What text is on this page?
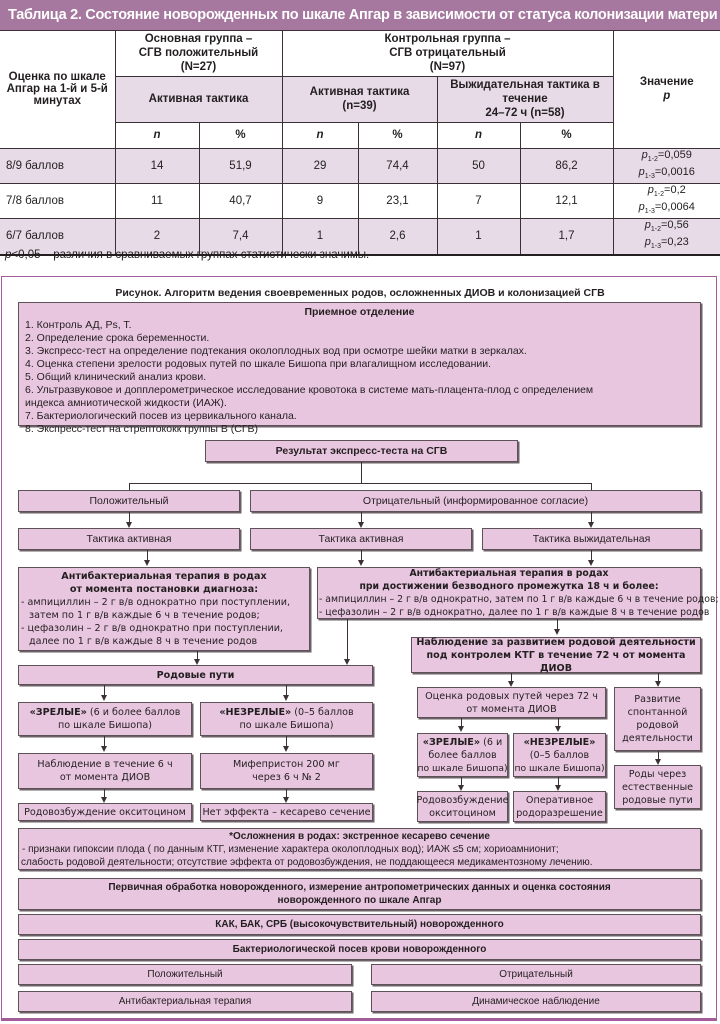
Таблица 2. Состояние новорожденных по шкале Апгар в зависимости от статуса колонизации матери
Оценка по шкале Апгар на 1-й и 5-й минутах	
Основная группа –
СГВ положительный
(N=27)

Контрольная группа –
СГВ отрицательный
(N=97)

Значение
p

Активная тактика	
Активная тактика
(n=39)

Выжидательная тактика в течение
24–72 ч (n=58)

	n	%	n	%	n	%	
8/9 баллов	14	51,9	29	74,4	50	86,2	$p_{1-2}=0,059$
$p_{1-3}=0,0016$

7/8 баллов	11	40,7	9	23,1	7	12,1	$p_{1-2}=0,2$
$p_{1-3}=0,0064$

6/7 баллов	2	7,4	1	2,6	1	1,7	$p_{1-2}=0,56$
$p_{1-3}=0,23$
p<0,05 – различия в сравниваемых группах статистически значимы.
Рисунок. Алгоритм ведения своевременных родов, осложненных ДИОВ и колонизацией СГВ
Приемное отделение
1. Контроль АД, Ps, T.
2. Определение срока беременности.
3. Экспресс-тест на определение подтекания околоплодных вод при осмотре шейки матки в зеркалах.
4. Оценка степени зрелости родовых путей по шкале Бишопа при влагалищном исследовании.
5. Общий клинический анализ крови.
6. Ультразвуковое и допплерометрическое исследование кровотока в системе мать-плацента-плод с определением индекса амниотической жидкости (ИАЖ).
7. Бактериологический посев из цервикального канала.
8. Экспресс-тест на стрептококк группы В (СГВ)
Результат экспресс-теста на СГВ
Положительный	Отрицательный (информированное согласие)
Тактика активная	Тактика активная	Тактика выжидательная
Антибактериальная терапия в родах
от момента постановки диагноза:
- ампициллин – 2 г в/в однократно при поступлении,
затем по 1 г в/в каждые 6 ч в течение родов;
- цефазолин – 2 г в/в однократно при поступлении,
далее по 1 г в/в каждые 8 ч в течение родов
Антибактериальная терапия в родах
при достижении безводного промежутка 18 ч и более:
- ампициллин – 2 г в/в однократно, затем по 1 г в/в каждые 6 ч в течение родов;
- цефазолин – 2 г в/в однократно, далее по 1 г в/в каждые 8 ч в течение родов
Наблюдение за развитием родовой деятельности
под контролем КТГ в течение 72 ч от момента ДИОВ
Родовые пути
«ЗРЕЛЫЕ» (6 и более баллов
по шкале Бишопа)
«НЕЗРЕЛЫЕ» (0–5 баллов
по шкале Бишопа)
Наблюдение в течение 6 ч
от момента ДИОВ
Мифепристон 200 мг
через 6 ч № 2
Родовозбуждение окситоцином	Нет эффекта – кесарево сечение
Оценка родовых путей через 72 ч
от момента ДИОВ
Развитие
спонтанной
родовой
деятельности
«ЗРЕЛЫЕ» (6 и
более баллов
по шкале Бишопа)
«НЕЗРЕЛЫЕ»
(0–5 баллов
по шкале Бишопа)
Роды через
естественные
родовые пути
Родовозбуждение
окситоцином
Оперативное
родоразрешение
*Осложнения в родах: экстренное кесарево сечение
- признаки гипоксии плода ( по данным КТГ, изменение характера околоплодных вод); ИАЖ ≤5 см; хориоамнионит;
слабость родовой деятельности; отсутствие эффекта от родовозбуждения, не поддающееся медикаментозному лечению.
Первичная обработка новорожденного, измерение антропометрических данных и оценка состояния
новорожденного по шкале Апгар
КАК, БАК, СРБ (высокочувствительный) новорожденного
Бактериологической посев крови новорожденного
Положительный	Отрицательный
Антибактериальная терапия	Динамическое наблюдение
